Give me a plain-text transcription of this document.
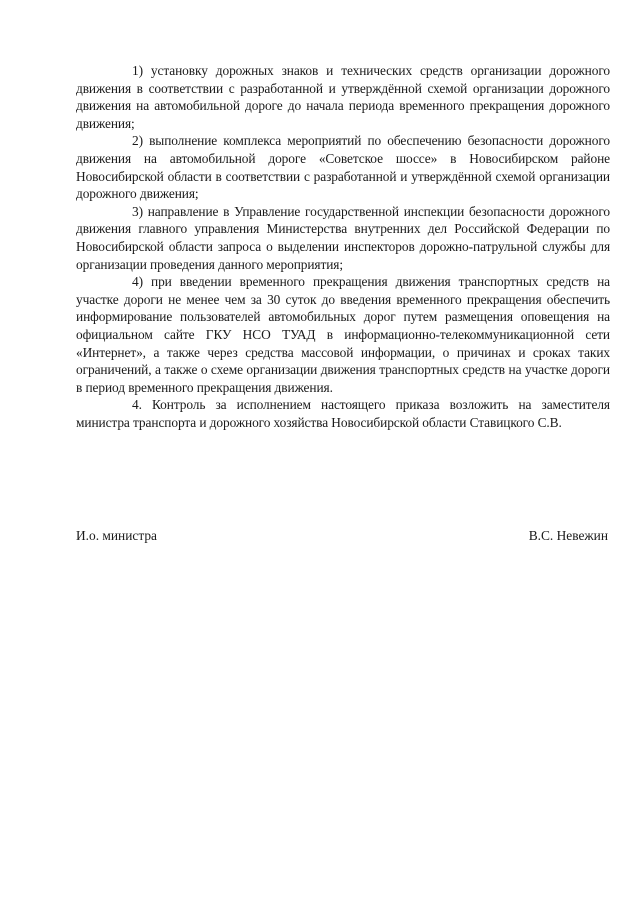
1) установку дорожных знаков и технических средств организации дорожного движения в соответствии с разработанной и утверждённой схемой организации дорожного движения на автомобильной дороге до начала периода временного прекращения дорожного движения;

2) выполнение комплекса мероприятий по обеспечению безопасности дорожного движения на автомобильной дороге «Советское шоссе» в Новосибирском районе Новосибирской области в соответствии с разработанной и утверждённой схемой организации дорожного движения;

3) направление в Управление государственной инспекции безопасности дорожного движения главного управления Министерства внутренних дел Российской Федерации по Новосибирской области запроса о выделении инспекторов дорожно-патрульной службы для организации проведения данного мероприятия;

4) при введении временного прекращения движения транспортных средств на участке дороги не менее чем за 30 суток до введения временного прекращения обеспечить информирование пользователей автомобильных дорог путем размещения оповещения на официальном сайте ГКУ НСО ТУАД в информационно-телекоммуникационной сети «Интернет», а также через средства массовой информации, о причинах и сроках таких ограничений, а также о схеме организации движения транспортных средств на участке дороги в период временного прекращения движения.

4. Контроль за исполнением настоящего приказа возложить на заместителя министра транспорта и дорожного хозяйства Новосибирской области Ставицкого С.В.

И.о. министра	В.С. Невежин
